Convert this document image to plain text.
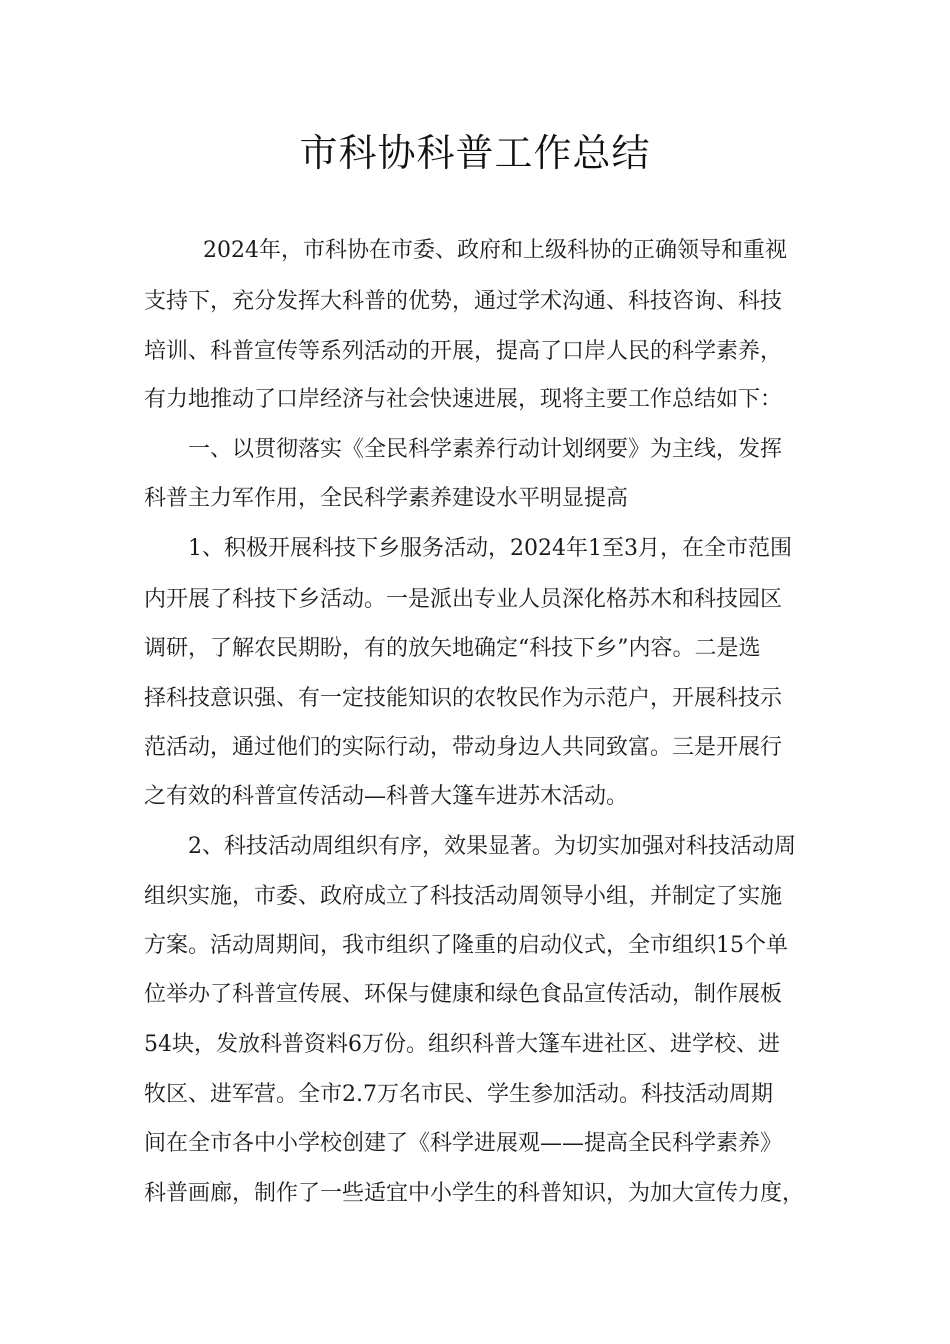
市科协科普工作总结
2024年，市科协在市委、政府和上级科协的正确领导和重视
支持下，充分发挥大科普的优势，通过学术沟通、科技咨询、科技
培训、科普宣传等系列活动的开展，提高了口岸人民的科学素养，
有力地推动了口岸经济与社会快速进展，现将主要工作总结如下：
一、以贯彻落实《全民科学素养行动计划纲要》为主线，发挥
科普主力军作用，全民科学素养建设水平明显提高
1、积极开展科技下乡服务活动，2024年1至3月，在全市范围
内开展了科技下乡活动。一是派出专业人员深化格苏木和科技园区
调研，了解农民期盼，有的放矢地确定“科技下乡”内容。二是选
择科技意识强、有一定技能知识的农牧民作为示范户，开展科技示
范活动，通过他们的实际行动，带动身边人共同致富。三是开展行
之有效的科普宣传活动—科普大篷车进苏木活动。
2、科技活动周组织有序，效果显著。为切实加强对科技活动周
组织实施，市委、政府成立了科技活动周领导小组，并制定了实施
方案。活动周期间，我市组织了隆重的启动仪式，全市组织15个单
位举办了科普宣传展、环保与健康和绿色食品宣传活动，制作展板
54块，发放科普资料6万份。组织科普大篷车进社区、进学校、进
牧区、进军营。全市2.7万名市民、学生参加活动。科技活动周期
间在全市各中小学校创建了《科学进展观——提高全民科学素养》
科普画廊，制作了一些适宜中小学生的科普知识，为加大宣传力度，
